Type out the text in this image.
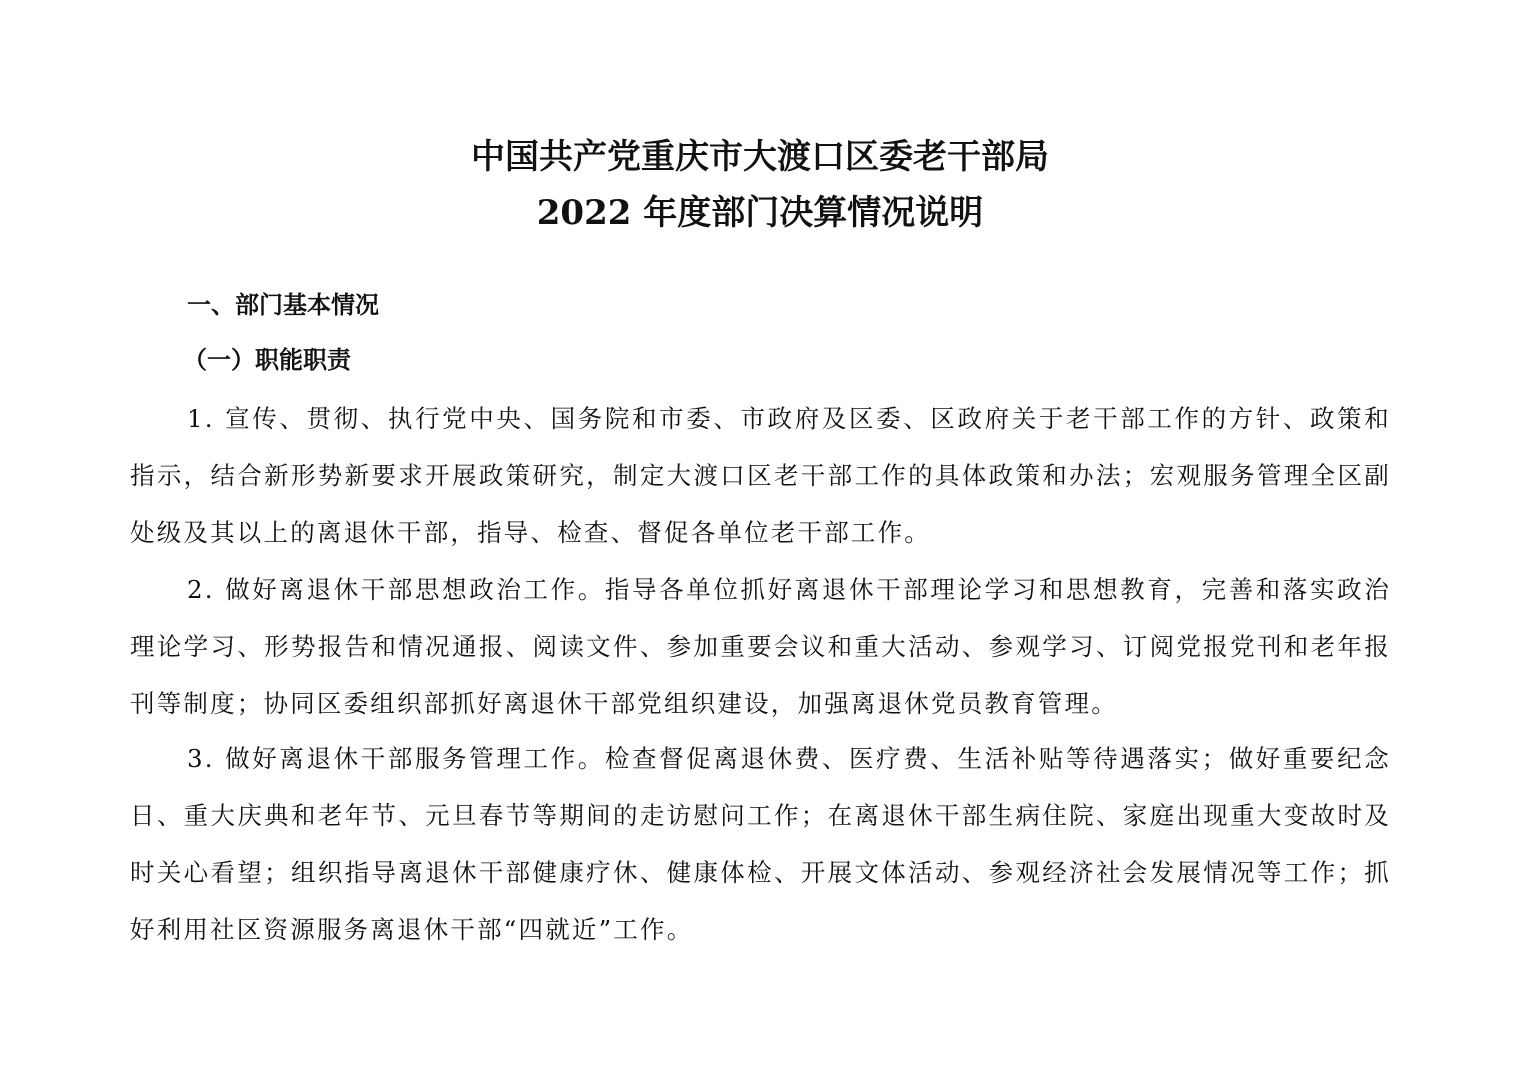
中国共产党重庆市大渡口区委老干部局
2022 年度部门决算情况说明
一、部门基本情况
（一）职能职责
1. 宣传、贯彻、执行党中央、国务院和市委、市政府及区委、区政府关于老干部工作的方针、政策和指示，结合新形势新要求开展政策研究，制定大渡口区老干部工作的具体政策和办法；宏观服务管理全区副处级及其以上的离退休干部，指导、检查、督促各单位老干部工作。
2. 做好离退休干部思想政治工作。指导各单位抓好离退休干部理论学习和思想教育，完善和落实政治理论学习、形势报告和情况通报、阅读文件、参加重要会议和重大活动、参观学习、订阅党报党刊和老年报刊等制度；协同区委组织部抓好离退休干部党组织建设，加强离退休党员教育管理。
3. 做好离退休干部服务管理工作。检查督促离退休费、医疗费、生活补贴等待遇落实；做好重要纪念日、重大庆典和老年节、元旦春节等期间的走访慰问工作；在离退休干部生病住院、家庭出现重大变故时及时关心看望；组织指导离退休干部健康疗休、健康体检、开展文体活动、参观经济社会发展情况等工作；抓好利用社区资源服务离退休干部“四就近”工作。
